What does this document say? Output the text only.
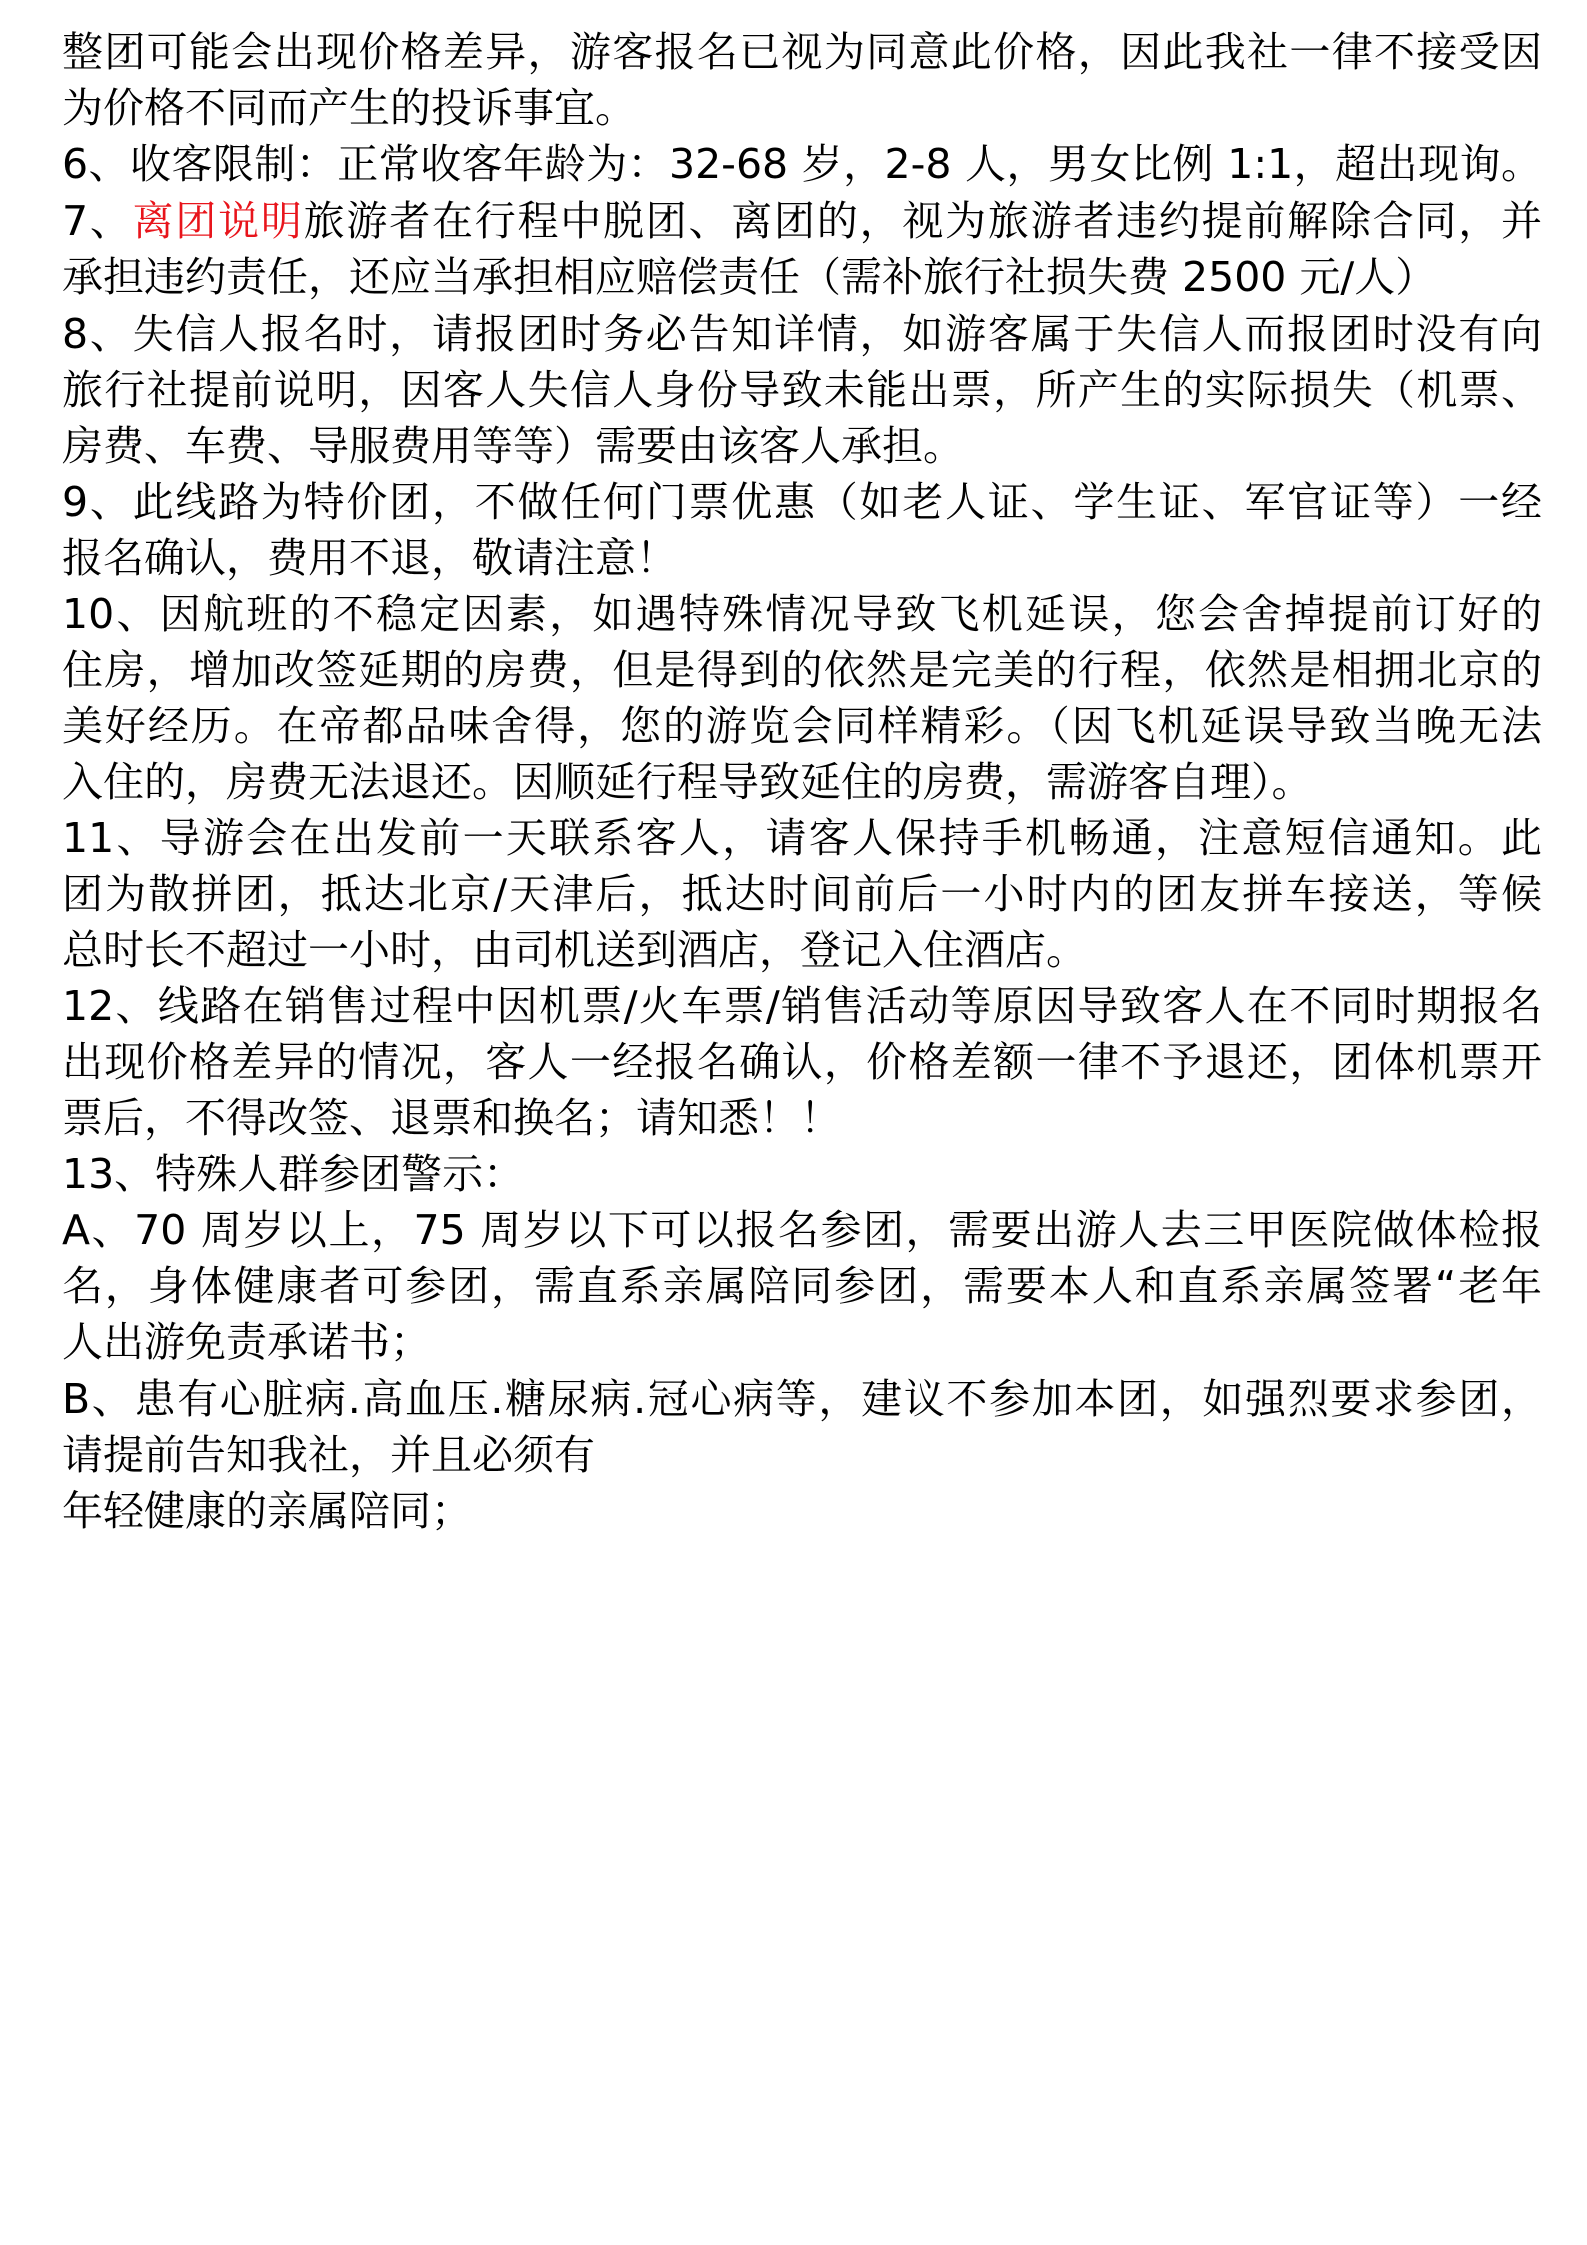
整团可能会出现价格差异，游客报名已视为同意此价格，因此我社一律不接受因
为价格不同而产生的投诉事宜。
6、收客限制：正常收客年龄为：32-68 岁，2-8 人，男女比例 1:1，超出现询。
7、离团说明旅游者在行程中脱团、离团的，视为旅游者违约提前解除合同，并
承担违约责任，还应当承担相应赔偿责任（需补旅行社损失费 2500 元/人）
8、失信人报名时，请报团时务必告知详情，如游客属于失信人而报团时没有向
旅行社提前说明，因客人失信人身份导致未能出票，所产生的实际损失（机票、
房费、车费、导服费用等等）需要由该客人承担。
9、此线路为特价团，不做任何门票优惠（如老人证、学生证、军官证等）一经
报名确认，费用不退，敬请注意！
10、因航班的不稳定因素，如遇特殊情况导致飞机延误，您会舍掉提前订好的
住房，增加改签延期的房费，但是得到的依然是完美的行程，依然是相拥北京的
美好经历。在帝都品味舍得，您的游览会同样精彩。（因飞机延误导致当晚无法
入住的，房费无法退还。因顺延行程导致延住的房费，需游客自理）。
11、导游会在出发前一天联系客人，请客人保持手机畅通，注意短信通知。此
团为散拼团，抵达北京/天津后，抵达时间前后一小时内的团友拼车接送，等候
总时长不超过一小时，由司机送到酒店，登记入住酒店。
12、线路在销售过程中因机票/火车票/销售活动等原因导致客人在不同时期报名
出现价格差异的情况，客人一经报名确认，价格差额一律不予退还，团体机票开
票后，不得改签、退票和换名；请知悉！！
13、特殊人群参团警示：
A、70 周岁以上，75 周岁以下可以报名参团，需要出游人去三甲医院做体检报
名，身体健康者可参团，需直系亲属陪同参团，需要本人和直系亲属签署“老年
人出游免责承诺书；
B、患有心脏病.高血压.糖尿病.冠心病等，建议不参加本团，如强烈要求参团，
请提前告知我社，并且必须有
年轻健康的亲属陪同；
